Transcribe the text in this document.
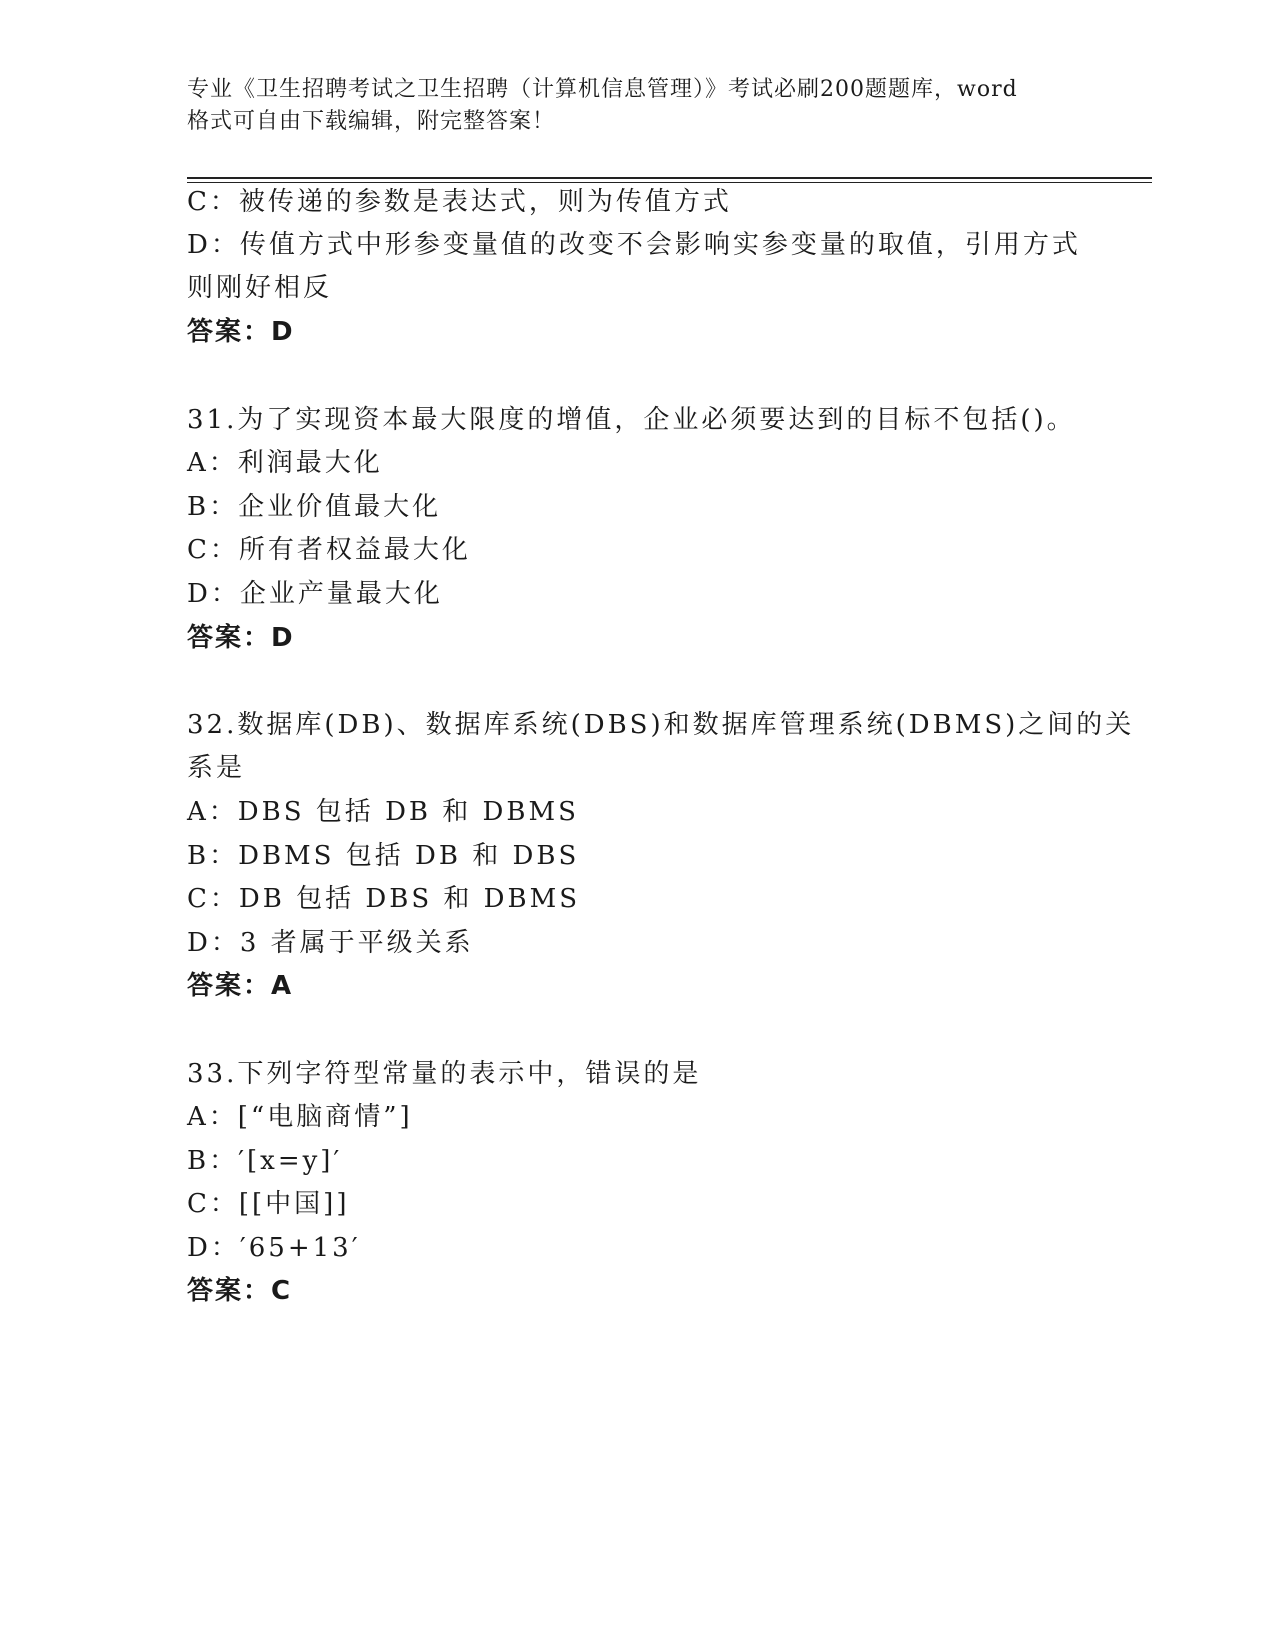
专业《卫生招聘考试之卫生招聘（计算机信息管理）》考试必刷200题题库，word
格式可自由下载编辑，附完整答案！
C：被传递的参数是表达式，则为传值方式
D：传值方式中形参变量值的改变不会影响实参变量的取值，引用方式
则刚好相反
答案：D
31.为了实现资本最大限度的增值，企业必须要达到的目标不包括()。
A：利润最大化
B：企业价值最大化
C：所有者权益最大化
D：企业产量最大化
答案：D
32.数据库(DB)、数据库系统(DBS)和数据库管理系统(DBMS)之间的关
系是
A：DBS 包括 DB 和 DBMS
B：DBMS 包括 DB 和 DBS
C：DB 包括 DBS 和 DBMS
D：3 者属于平级关系
答案：A
33.下列字符型常量的表示中，错误的是
A：[“电脑商情”]
B：′[x=y]′
C：[[中国]]
D：′65+13′
答案：C
